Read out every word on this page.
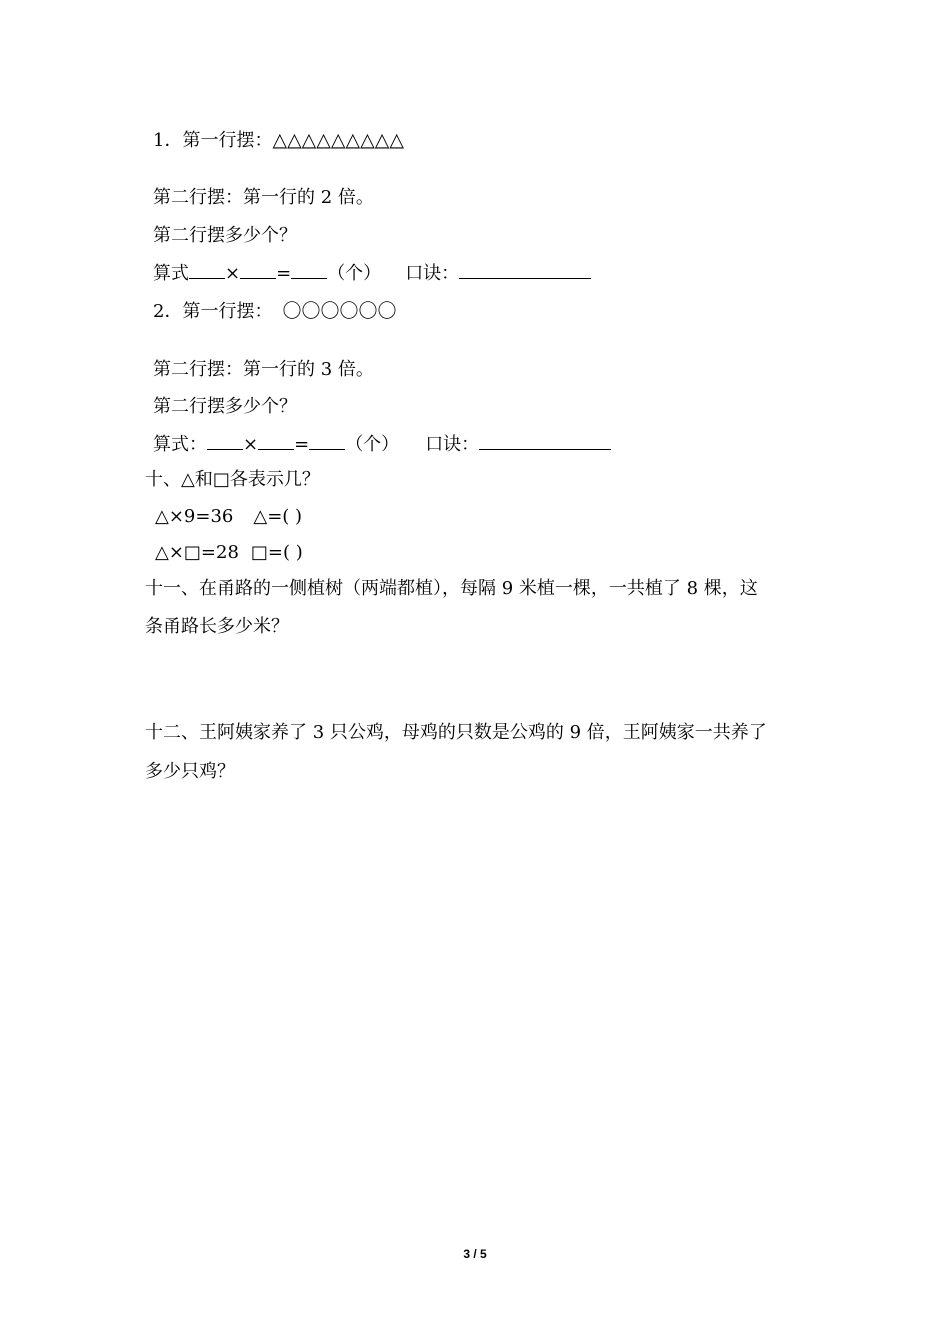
1．第一行摆：△△△△△△△△△
第二行摆：第一行的 2 倍。
第二行摆多少个？
算式 × = （个） 口诀：
2．第一行摆： 〇〇〇〇〇〇
第二行摆：第一行的 3 倍。
第二行摆多少个？
算式： × = （个） 口诀：
十、△和□各表示几？
△×9=36 △=( )
△×□=28 □=( )
十一、在甬路的一侧植树（两端都植），每隔 9 米植一棵，一共植了 8 棵，这
条甬路长多少米？
十二、王阿姨家养了 3 只公鸡，母鸡的只数是公鸡的 9 倍，王阿姨家一共养了
多少只鸡？
3 / 5
